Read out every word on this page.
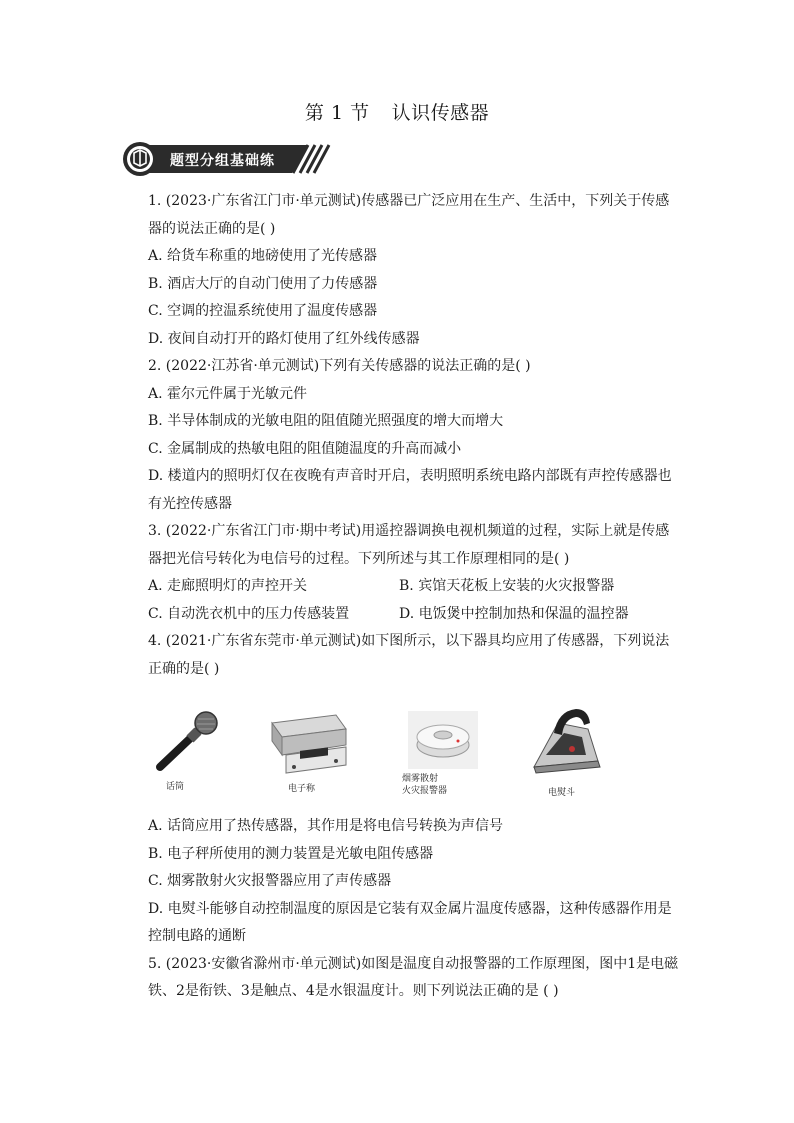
第 1 节 认识传感器
题型分组基础练
1. (2023·广东省江门市·单元测试)传感器已广泛应用在生产、生活中，下列关于传感
器的说法正确的是( )
A. 给货车称重的地磅使用了光传感器
B. 酒店大厅的自动门使用了力传感器
C. 空调的控温系统使用了温度传感器
D. 夜间自动打开的路灯使用了红外线传感器
2. (2022·江苏省·单元测试)下列有关传感器的说法正确的是( )
A. 霍尔元件属于光敏元件
B. 半导体制成的光敏电阻的阻值随光照强度的增大而增大
C. 金属制成的热敏电阻的阻值随温度的升高而减小
D. 楼道内的照明灯仅在夜晚有声音时开启，表明照明系统电路内部既有声控传感器也
有光控传感器
3. (2022·广东省江门市·期中考试)用遥控器调换电视机频道的过程，实际上就是传感
器把光信号转化为电信号的过程。下列所述与其工作原理相同的是( )
A. 走廊照明灯的声控开关	B. 宾馆天花板上安装的火灾报警器
C. 自动洗衣机中的压力传感装置	D. 电饭煲中控制加热和保温的温控器
4. (2021·广东省东莞市·单元测试)如下图所示，以下器具均应用了传感器，下列说法
正确的是( )
话筒	电子称
烟雾散射
火灾报警器	电熨斗
A. 话筒应用了热传感器，其作用是将电信号转换为声信号
B. 电子秤所使用的测力装置是光敏电阻传感器
C. 烟雾散射火灾报警器应用了声传感器
D. 电熨斗能够自动控制温度的原因是它装有双金属片温度传感器，这种传感器作用是
控制电路的通断
5. (2023·安徽省滁州市·单元测试)如图是温度自动报警器的工作原理图，图中1是电磁
铁、2是衔铁、3是触点、4是水银温度计。则下列说法正确的是 ( )
